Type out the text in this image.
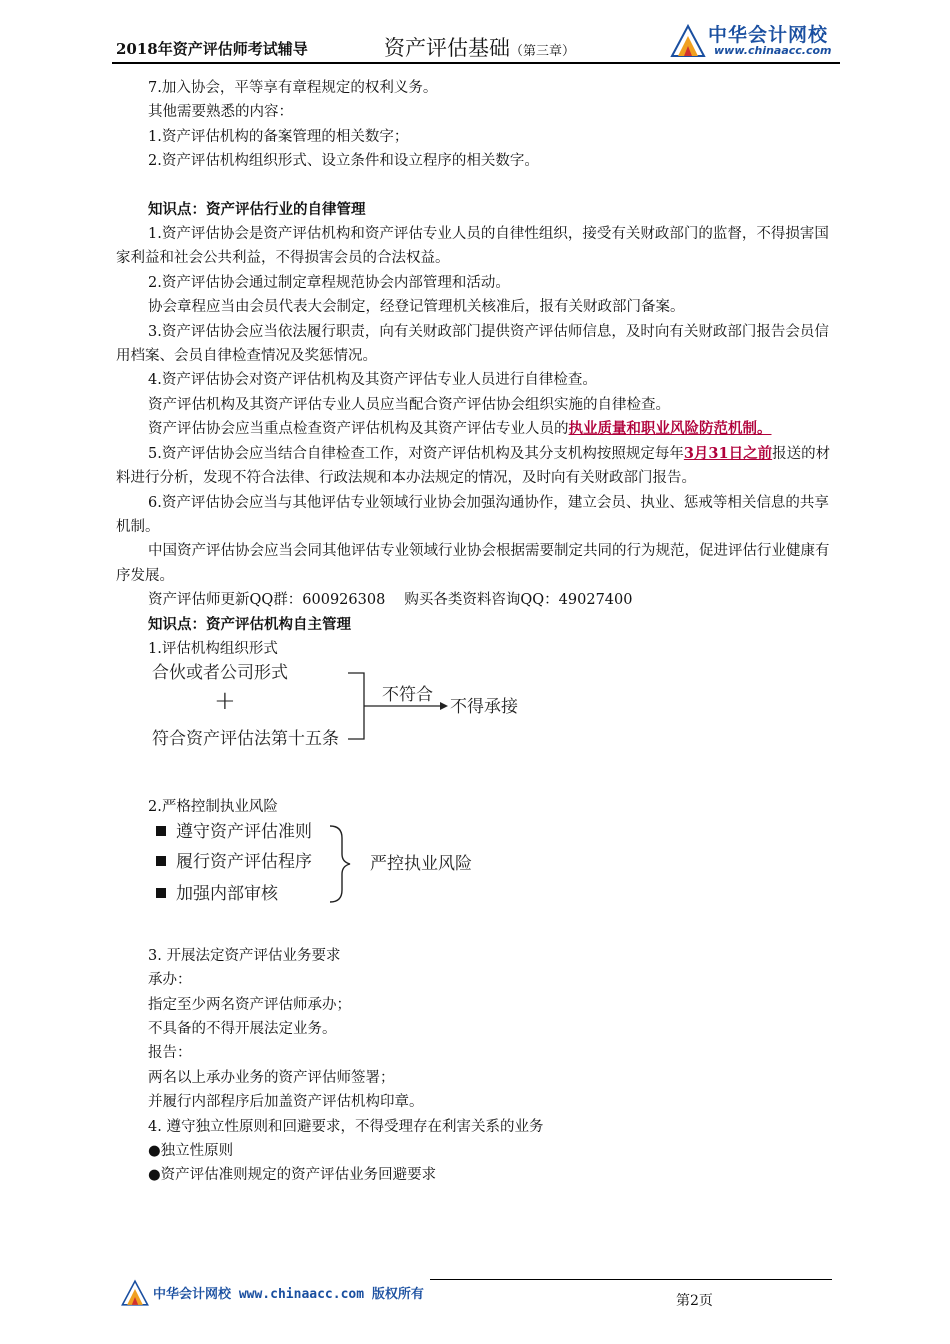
2018年资产评估师考试辅导	资产评估基础（第三章）
中华会计网校
www.chinaacc.com

7.加入协会，平等享有章程规定的权利义务。

其他需要熟悉的内容：

1.资产评估机构的备案管理的相关数字；

2.资产评估机构组织形式、设立条件和设立程序的相关数字。

知识点：资产评估行业的自律管理

1.资产评估协会是资产评估机构和资产评估专业人员的自律性组织，接受有关财政部门的监督，不得损害国家利益和社会公共利益，不得损害会员的合法权益。

2.资产评估协会通过制定章程规范协会内部管理和活动。

协会章程应当由会员代表大会制定，经登记管理机关核准后，报有关财政部门备案。

3.资产评估协会应当依法履行职责，向有关财政部门提供资产评估师信息，及时向有关财政部门报告会员信用档案、会员自律检查情况及奖惩情况。

4.资产评估协会对资产评估机构及其资产评估专业人员进行自律检查。

资产评估机构及其资产评估专业人员应当配合资产评估协会组织实施的自律检查。

资产评估协会应当重点检查资产评估机构及其资产评估专业人员的执业质量和职业风险防范机制。

5.资产评估协会应当结合自律检查工作，对资产评估机构及其分支机构按照规定每年3月31日之前报送的材料进行分析，发现不符合法律、行政法规和本办法规定的情况，及时向有关财政部门报告。

6.资产评估协会应当与其他评估专业领域行业协会加强沟通协作，建立会员、执业、惩戒等相关信息的共享机制。

中国资产评估协会应当会同其他评估专业领域行业协会根据需要制定共同的行为规范，促进评估行业健康有序发展。

资产评估师更新QQ群：600926308　 购买各类资料咨询QQ：49027400

知识点：资产评估机构自主管理

1.评估机构组织形式

合伙或者公司形式
+
符合资产评估法第十五条
不符合
不得承接

2.严格控制执业风险

遵守资产评估准则
履行资产评估程序
加强内部审核
严控执业风险

3. 开展法定资产评估业务要求

承办：

指定至少两名资产评估师承办；

不具备的不得开展法定业务。

报告：

两名以上承办业务的资产评估师签署；

并履行内部程序后加盖资产评估机构印章。

4. 遵守独立性原则和回避要求，不得受理存在利害关系的业务

●独立性原则

●资产评估准则规定的资产评估业务回避要求

中华会计网校 www.chinaacc.com 版权所有	第2页
